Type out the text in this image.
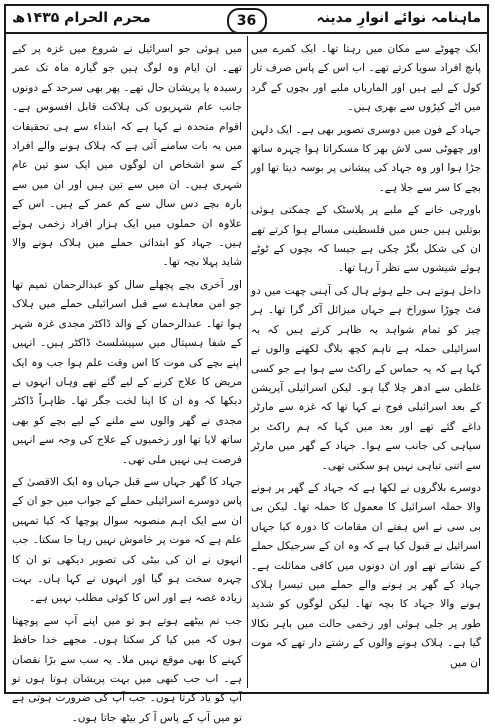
محرم الحرام ۱۴۳۵ھ	36	ماہنامہ نوائے انوارِ مدینہ

ایک چھوٹے سے مکان میں رہتا تھا۔ ایک کمرے میں پانچ افراد سویا کرتے تھے۔ اب اس کے پاس صرف تار کول کے لیے ہیں اور الماریاں ملبے اور بچوں کے گرد میں اٹے کپڑوں سے بھری ہیں۔

جہاد کے فون میں دوسری تصویر بھی ہے۔ ایک دلہن اور چھوٹی سی لاش بھر کا مسکراتا ہوا چہرہ ساتھ جڑا ہوا اور وہ جہاد کی پیشانی پر بوسہ دیتا تھا اور بچے کا سر سے جلا ہے۔

باورچی خانے کے ملبے پر پلاسٹک کے چمکتی ہوئی بوتلیں ہیں جس میں فلسطینی مسالے ہوا کرتے تھے ان کی شکل بگڑ چکی ہے جیسا کہ بچوں کے ٹوٹے ہوئے شیشوں سے نظر آ رہا تھا۔

داخل ہوتے ہی جلے ہوئے ہال کی آہنی چھت میں دو فٹ چوڑا سوراخ ہے جہاں میزائل آکر گرا تھا۔ ہر چیز کو تمام شواہد یہ ظاہر کرتے ہیں کہ یہ اسرائیلی حملہ ہے تاہم کچھ بلاگ لکھنے والوں نے کہا ہے کہ یہ حماس کے راکٹ سے ہوا ہے جو کسی غلطی سے ادھر چلا گیا ہو۔ لیکن اسرائیلی آپریشن کے بعد اسرائیلی فوج نے کہا تھا کہ غزہ سے مارٹر داغے گئے تھے اور بعد میں کہا کہ ہم راکٹ بر سپاہی کی جانب سے ہوا۔ جہاد کے گھر میں مارٹر سے اتنی تباہی نہیں ہو سکتی تھی۔

دوسرے بلاگروں نے لکھا ہے کہ جہاد کے گھر پر ہونے والا حملہ اسرائیل کا معمول کا حملہ تھا۔ لیکن بی بی سی نے اس ہفتے ان مقامات کا دورہ کیا جہاں اسرائیل نے قبول کیا ہے کہ وہ ان کے سرجیکل حملے کے نشانے تھے اور ان دونوں میں کافی مماثلت ہے۔ جہاد کے گھر پر ہونے والے حملے میں تیسرا ہلاک ہونے والا جہاد کا بچہ تھا۔ لیکن لوگوں کو شدید طور پر جلی ہوئی اور زخمی حالت میں باہر نکالا گیا ہے۔ ہلاک ہونے والوں کے رشتے دار تھے کہ موت ان میں

میں ہوئی جو اسرائیل نے شروع میں غزہ پر کیے تھے۔ ان ایام وہ لوگ ہیں جو گیارہ ماہ تک عمر رسیدہ یا پریشان حال تھے۔ پھر بھی سرحد کے دونوں جانب عام شہریوں کی ہلاکت قابل افسوس ہے۔ اقوام متحدہ نے کہا ہے کہ ابتداء سے ہی تحقیقات میں یہ بات سامنے آئی ہے کہ ہلاک ہونے والے افراد کے سو اشخاص ان لوگوں میں ایک سو تین عام شہری ہیں۔ ان میں سے تین ہیں اور ان میں سے بارہ بچے دس سال سے کم عمر کے ہیں۔ اس کے علاوہ ان حملوں میں ایک ہزار افراد زخمی ہوئے ہیں۔ جہاد کو ابتدائی حملے میں ہلاک ہونے والا شاید پہلا بچہ تھا۔

اور آخری بچے پچھلے سال کو عبدالرحمان تمیم تھا جو امن معاہدے سے قبل اسرائیلی حملے میں ہلاک ہوا تھا۔ عبدالرحمان کے والد ڈاکٹر مجدی غزہ شہر کے شفا ہسپتال میں سپیشلسٹ ڈاکٹر ہیں۔ انہیں اپنے بچے کی موت کا اس وقت علم ہوا جب وہ ایک مریض کا علاج کرنے کے لیے گئے تھے وہاں انہوں نے دیکھا کہ وہ ان کا اپنا لخت جگر تھا۔ ظاہراً ڈاکٹر مجدی نے گھر والوں سے ملنے کے لیے بچے کو بھی ساتھ لایا تھا اور زخمیوں کے علاج کی وجہ سے انہیں فرصت ہی نہیں ملی تھی۔

جہاد کا گھر جہاں سے قبل جہاں وہ ایک الاقصیٰ کے پاس دوسرے اسرائیلی حملے کے جواب میں جو ان کے ان سے ایک اہم منصوبہ سوال پوچھا کہ کیا تمہیں علم ہے کہ موت پر خاموش نہیں رہا جا سکتا۔ جب انہوں نے ان کی بیٹی کی تصویر دیکھی تو ان کا چہرہ سخت ہو گیا اور انہوں نے کہا ہاں۔ بہت زیادہ غصہ ہے اور اس کا کوئی مطلب نہیں ہے۔

جب تم بیٹھے ہوتے ہو تو میں اپنے آپ سے پوچھتا ہوں کہ میں کیا کر سکتا ہوں۔ مجھے خدا حافظ کہنے کا بھی موقع نہیں ملا۔ یہ سب سے بڑا نقصان ہے۔ اب جب کبھی میں بہت پریشان ہوتا ہوں تو آپ کو یاد کرتا ہوں۔ جب آپ کی ضرورت ہوتی ہے تو میں آپ کے پاس آ کر بیٹھ جاتا ہوں۔
